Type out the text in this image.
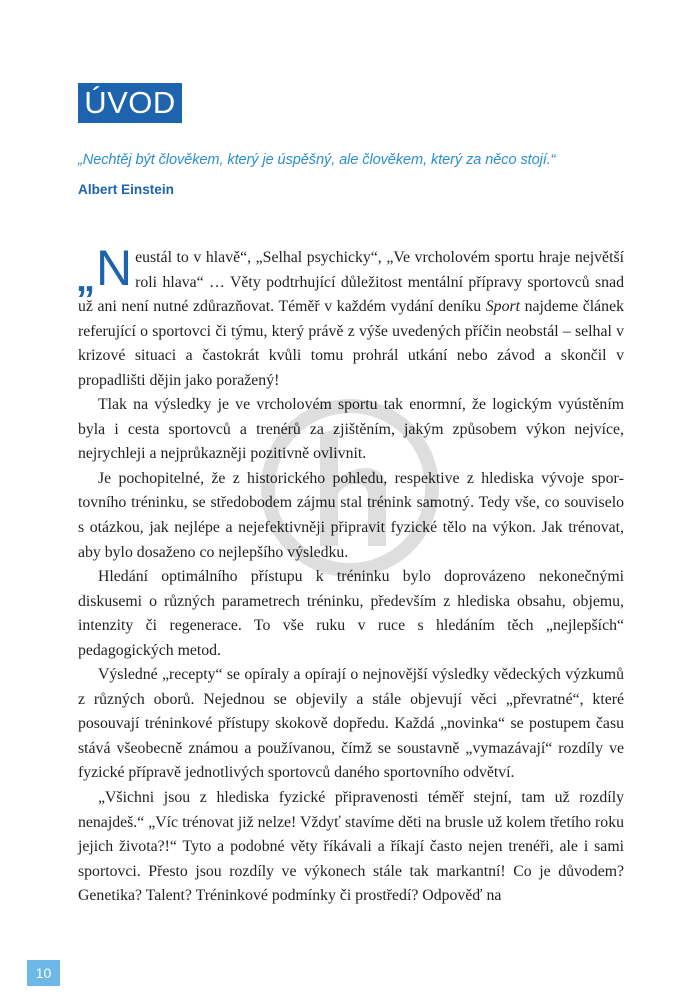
ÚVOD
„Nechtěj být člověkem, který je úspěšný, ale člověkem, který za něco stojí.“
Albert Einstein

„ N eustál to v hlavě“, „Selhal psychicky“, „Ve vrcholovém sportu hraje největší roli hlava“ … Věty podtrhující důležitost mentální přípravy sportovců snad už ani není nutné zdůrazňovat. Téměř v každém vydání deníku Sport najdeme článek referující o sportovci či týmu, který právě z výše uvedených příčin neobstál – selhal v krizové situaci a častokrát kvůli tomu prohrál utkání nebo závod a skončil v propadlišti dějin jako poražený!

Tlak na výsledky je ve vrcholovém sportu tak enormní, že logickým vyústěním byla i cesta sportovců a trenérů za zjištěním, jakým způsobem výkon nejvíce, nejrychleji a nejprůkazněji pozitivně ovlivnit.

Je pochopitelné, že z historického pohledu, respektive z hlediska vývoje sportovního tréninku, se středobodem zájmu stal trénink samotný. Tedy vše, co souviselo s otázkou, jak nejlépe a nejefektivněji připravit fyzické tělo na výkon. Jak trénovat, aby bylo dosaženo co nejlepšího výsledku.

Hledání optimálního přístupu k tréninku bylo doprovázeno nekonečnými diskusemi o různých parametrech tréninku, především z hlediska obsahu, objemu, intenzity či regenerace. To vše ruku v ruce s hledáním těch „nejlepších“ pedagogických metod.

Výsledné „recepty“ se opíraly a opírají o nejnovější výsledky vědeckých výzkumů z různých oborů. Nejednou se objevily a stále objevují věci „převratné“, které posouvají tréninkové přístupy skokově dopředu. Každá „novinka“ se postupem času stává všeobecně známou a používanou, čímž se soustavně „vymazávají“ rozdíly ve fyzické přípravě jednotlivých sportovců daného sportovního odvětví.

„Všichni jsou z hlediska fyzické připravenosti téměř stejní, tam už rozdíly nenajdeš.“ „Víc trénovat již nelze! Vždyť stavíme děti na brusle už kolem třetího roku jejich života?!“ Tyto a podobné věty říkávali a říkají často nejen trenéři, ale i sami sportovci. Přesto jsou rozdíly ve výkonech stále tak markantní! Co je důvodem? Genetika? Talent? Tréninkové podmínky či prostředí? Odpověď na

10
